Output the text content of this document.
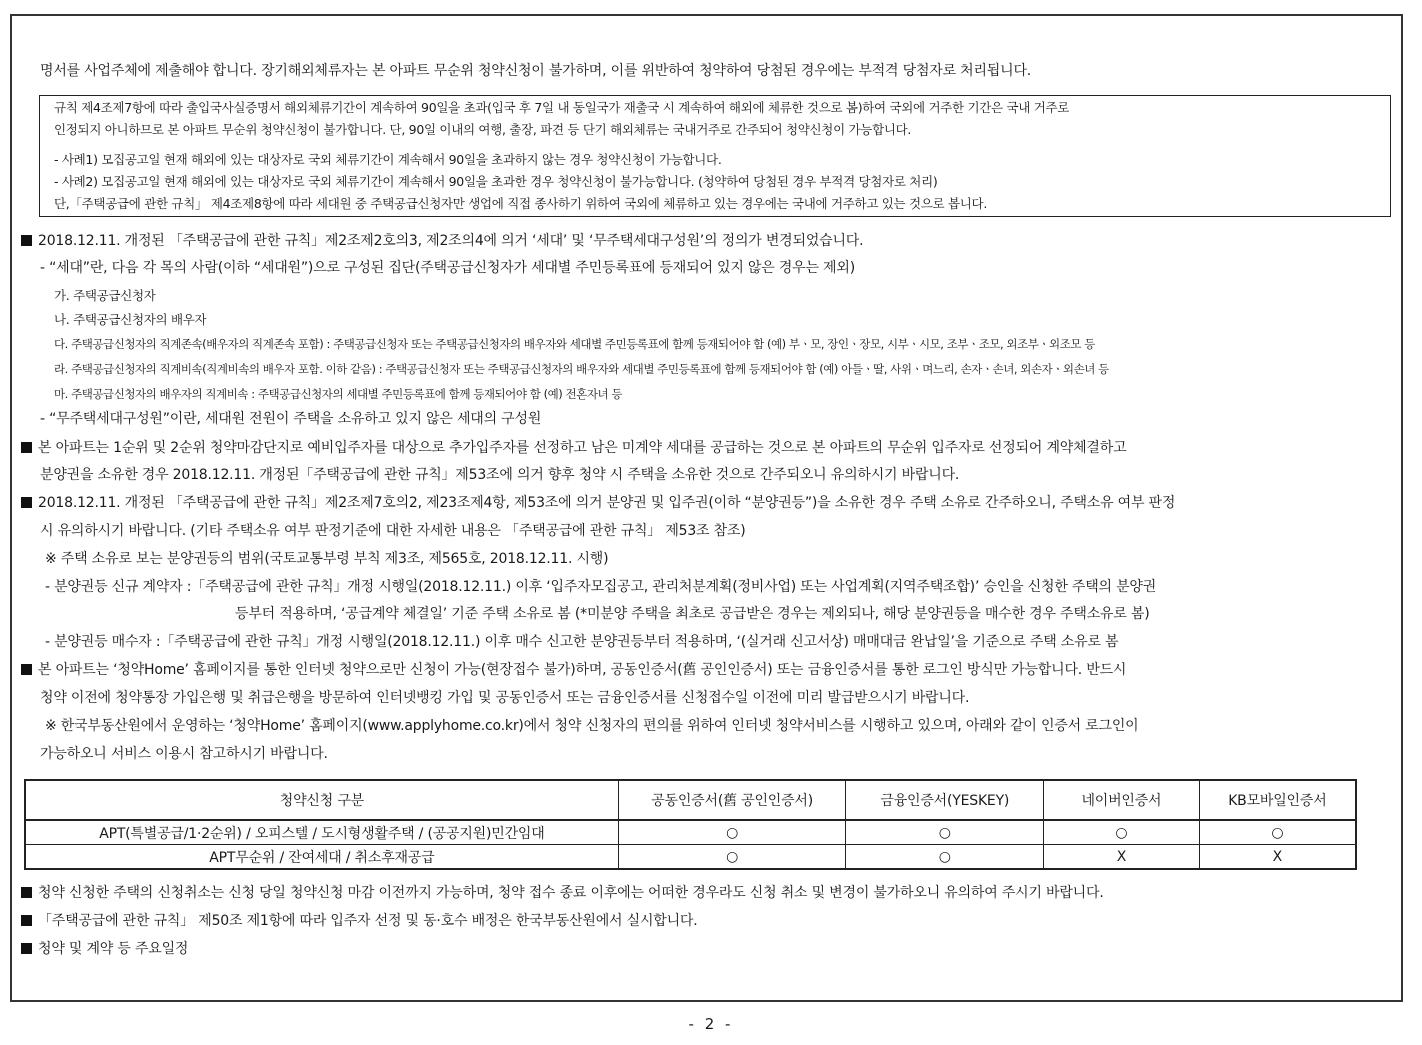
명서를 사업주체에 제출해야 합니다. 장기해외체류자는 본 아파트 무순위 청약신청이 불가하며, 이를 위반하여 청약하여 당첨된 경우에는 부적격 당첨자로 처리됩니다.
규칙 제4조제7항에 따라 출입국사실증명서 해외체류기간이 계속하여 90일을 초과(입국 후 7일 내 동일국가 재출국 시 계속하여 해외에 체류한 것으로 봄)하여 국외에 거주한 기간은 국내 거주로
인정되지 아니하므로 본 아파트 무순위 청약신청이 불가합니다. 단, 90일 이내의 여행, 출장, 파견 등 단기 해외체류는 국내거주로 간주되어 청약신청이 가능합니다.
- 사례1) 모집공고일 현재 해외에 있는 대상자로 국외 체류기간이 계속해서 90일을 초과하지 않는 경우 청약신청이 가능합니다.
- 사례2) 모집공고일 현재 해외에 있는 대상자로 국외 체류기간이 계속해서 90일을 초과한 경우 청약신청이 불가능합니다. (청약하여 당첨된 경우 부적격 당첨자로 처리)
단,「주택공급에 관한 규칙」 제4조제8항에 따라 세대원 중 주택공급신청자만 생업에 직접 종사하기 위하여 국외에 체류하고 있는 경우에는 국내에 거주하고 있는 것으로 봅니다.
2018.12.11. 개정된 「주택공급에 관한 규칙」제2조제2호의3, 제2조의4에 의거 ‘세대’ 및 ‘무주택세대구성원’의 정의가 변경되었습니다.
- “세대”란, 다음 각 목의 사람(이하 “세대원”)으로 구성된 집단(주택공급신청자가 세대별 주민등록표에 등재되어 있지 않은 경우는 제외)
가. 주택공급신청자
나. 주택공급신청자의 배우자
다. 주택공급신청자의 직계존속(배우자의 직계존속 포함) : 주택공급신청자 또는 주택공급신청자의 배우자와 세대별 주민등록표에 함께 등재되어야 함 (예) 부ㆍ모, 장인ㆍ장모, 시부ㆍ시모, 조부ㆍ조모, 외조부ㆍ외조모 등
라. 주택공급신청자의 직계비속(직계비속의 배우자 포함. 이하 같음) : 주택공급신청자 또는 주택공급신청자의 배우자와 세대별 주민등록표에 함께 등재되어야 함 (예) 아들ㆍ딸, 사위ㆍ며느리, 손자ㆍ손녀, 외손자ㆍ외손녀 등
마. 주택공급신청자의 배우자의 직계비속 : 주택공급신청자의 세대별 주민등록표에 함께 등재되어야 함 (예) 전혼자녀 등
- “무주택세대구성원”이란, 세대원 전원이 주택을 소유하고 있지 않은 세대의 구성원
본 아파트는 1순위 및 2순위 청약마감단지로 예비입주자를 대상으로 추가입주자를 선정하고 남은 미계약 세대를 공급하는 것으로 본 아파트의 무순위 입주자로 선정되어 계약체결하고
분양권을 소유한 경우 2018.12.11. 개정된「주택공급에 관한 규칙」제53조에 의거 향후 청약 시 주택을 소유한 것으로 간주되오니 유의하시기 바랍니다.
2018.12.11. 개정된 「주택공급에 관한 규칙」제2조제7호의2, 제23조제4항, 제53조에 의거 분양권 및 입주권(이하 “분양권등”)을 소유한 경우 주택 소유로 간주하오니, 주택소유 여부 판정
시 유의하시기 바랍니다. (기타 주택소유 여부 판정기준에 대한 자세한 내용은 「주택공급에 관한 규칙」 제53조 참조)
※ 주택 소유로 보는 분양권등의 범위(국토교통부령 부칙 제3조, 제565호, 2018.12.11. 시행)
- 분양권등 신규 계약자 :「주택공급에 관한 규칙」개정 시행일(2018.12.11.) 이후 ‘입주자모집공고, 관리처분계획(정비사업) 또는 사업계획(지역주택조합)’ 승인을 신청한 주택의 분양권
등부터 적용하며, ‘공급계약 체결일’ 기준 주택 소유로 봄 (*미분양 주택을 최초로 공급받은 경우는 제외되나, 해당 분양권등을 매수한 경우 주택소유로 봄)
- 분양권등 매수자 :「주택공급에 관한 규칙」개정 시행일(2018.12.11.) 이후 매수 신고한 분양권등부터 적용하며, ‘(실거래 신고서상) 매매대금 완납일’을 기준으로 주택 소유로 봄
본 아파트는 ‘청약Home’ 홈페이지를 통한 인터넷 청약으로만 신청이 가능(현장접수 불가)하며, 공동인증서(舊 공인인증서) 또는 금융인증서를 통한 로그인 방식만 가능합니다. 반드시
청약 이전에 청약통장 가입은행 및 취급은행을 방문하여 인터넷뱅킹 가입 및 공동인증서 또는 금융인증서를 신청접수일 이전에 미리 발급받으시기 바랍니다.
※ 한국부동산원에서 운영하는 ‘청약Home’ 홈페이지(www.applyhome.co.kr)에서 청약 신청자의 편의를 위하여 인터넷 청약서비스를 시행하고 있으며, 아래와 같이 인증서 로그인이
가능하오니 서비스 이용시 참고하시기 바랍니다.
청약신청 구분	공동인증서(舊 공인인증서)	금융인증서(YESKEY)	네이버인증서	KB모바일인증서
APT(특별공급/1·2순위) / 오피스텔 / 도시형생활주택 / (공공지원)민간임대	○	○	○	○
APT무순위 / 잔여세대 / 취소후재공급	○	○	X	X
청약 신청한 주택의 신청취소는 신청 당일 청약신청 마감 이전까지 가능하며, 청약 접수 종료 이후에는 어떠한 경우라도 신청 취소 및 변경이 불가하오니 유의하여 주시기 바랍니다.
「주택공급에 관한 규칙」 제50조 제1항에 따라 입주자 선정 및 동·호수 배정은 한국부동산원에서 실시합니다.
청약 및 계약 등 주요일정
- 2 -
